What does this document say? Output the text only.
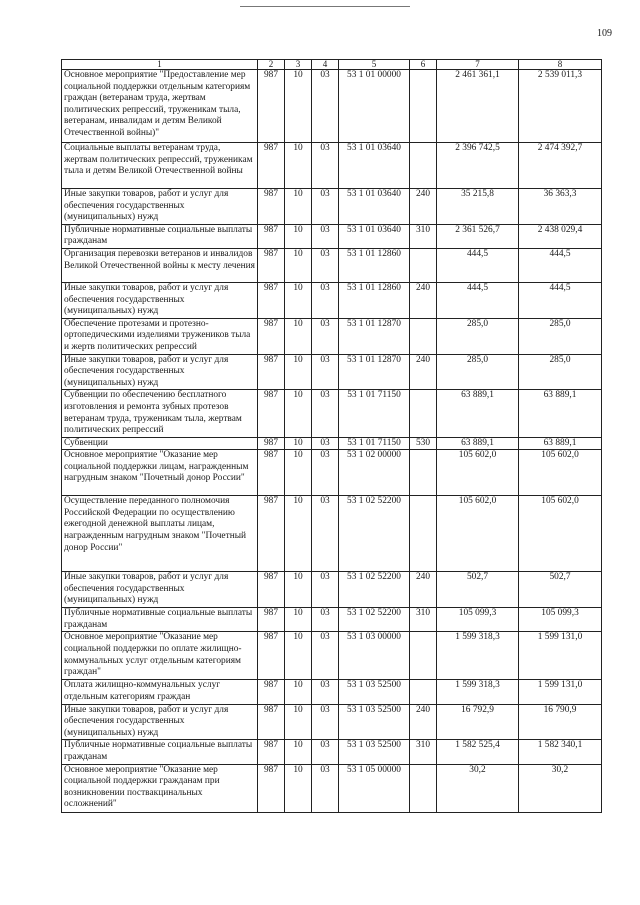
109
1	2	3	4	5	6	7	8
Основное мероприятие "Предоставление мер социальной поддержки отдельным категориям граждан (ветеранам труда, жертвам политических репрессий, труженикам тыла, ветеранам, инвалидам и детям Великой Отечественной войны)"	987	10	03	53 1 01 00000		2 461 361,1	2 539 011,3
Социальные выплаты ветеранам труда, жертвам политических репрессий, труженикам тыла и детям Великой Отечественной войны	987	10	03	53 1 01 03640		2 396 742,5	2 474 392,7
Иные закупки товаров, работ и услуг для обеспечения государственных (муниципальных) нужд	987	10	03	53 1 01 03640	240	35 215,8	36 363,3
Публичные нормативные социальные выплаты гражданам	987	10	03	53 1 01 03640	310	2 361 526,7	2 438 029,4
Организация перевозки ветеранов и инвалидов Великой Отечественной войны к месту лечения	987	10	03	53 1 01 12860		444,5	444,5
Иные закупки товаров, работ и услуг для обеспечения государственных (муниципальных) нужд	987	10	03	53 1 01 12860	240	444,5	444,5
Обеспечение протезами и протезно-ортопедическими изделиями тружеников тыла и жертв политических репрессий	987	10	03	53 1 01 12870		285,0	285,0
Иные закупки товаров, работ и услуг для обеспечения государственных (муниципальных) нужд	987	10	03	53 1 01 12870	240	285,0	285,0
Субвенции по обеспечению бесплатного изготовления и ремонта зубных протезов ветеранам труда, труженикам тыла, жертвам политических репрессий	987	10	03	53 1 01 71150		63 889,1	63 889,1
Субвенции	987	10	03	53 1 01 71150	530	63 889,1	63 889,1
Основное мероприятие "Оказание мер социальной поддержки лицам, награжденным нагрудным знаком "Почетный донор России"	987	10	03	53 1 02 00000		105 602,0	105 602,0
Осуществление переданного полномочия Российской Федерации по осуществлению ежегодной денежной выплаты лицам, награжденным нагрудным знаком "Почетный донор России"	987	10	03	53 1 02 52200		105 602,0	105 602,0
Иные закупки товаров, работ и услуг для обеспечения государственных (муниципальных) нужд	987	10	03	53 1 02 52200	240	502,7	502,7
Публичные нормативные социальные выплаты гражданам	987	10	03	53 1 02 52200	310	105 099,3	105 099,3
Основное мероприятие "Оказание мер социальной поддержки по оплате жилищно-коммунальных услуг отдельным категориям граждан"	987	10	03	53 1 03 00000		1 599 318,3	1 599 131,0
Оплата жилищно-коммунальных услуг отдельным категориям граждан	987	10	03	53 1 03 52500		1 599 318,3	1 599 131,0
Иные закупки товаров, работ и услуг для обеспечения государственных (муниципальных) нужд	987	10	03	53 1 03 52500	240	16 792,9	16 790,9
Публичные нормативные социальные выплаты гражданам	987	10	03	53 1 03 52500	310	1 582 525,4	1 582 340,1
Основное мероприятие "Оказание мер социальной поддержки гражданам при возникновении поствакцинальных осложнений"	987	10	03	53 1 05 00000		30,2	30,2
